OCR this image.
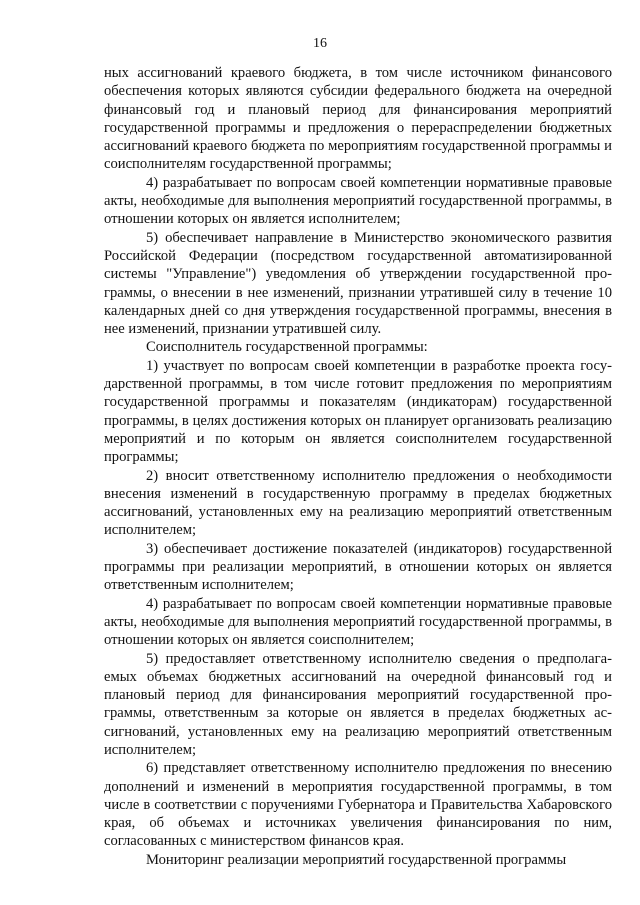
16

ных ассигнований краевого бюджета, в том числе источником финансового обеспечения которых являются субсидии федерального бюджета на очередной финансовый год и плановый период для финансирования мероприятий государственной программы и предложения о перераспределении бюджетных ассигнований краевого бюджета по мероприятиям государственной программы и соисполнителям государственной программы;

4) разрабатывает по вопросам своей компетенции нормативные правовые акты, необходимые для выполнения мероприятий государственной программы, в отношении которых он является исполнителем;

5) обеспечивает направление в Министерство экономического развития Российской Федерации (посредством государственной автоматизированной системы "Управление") уведомления об утверждении государственной программы, о внесении в нее изменений, признании утратившей силу в течение 10 календарных дней со дня утверждения государственной программы, внесения в нее изменений, признании утратившей силу.

Соисполнитель государственной программы:

1) участвует по вопросам своей компетенции в разработке проекта государственной программы, в том числе готовит предложения по мероприятиям государственной программы и показателям (индикаторам) государственной программы, в целях достижения которых он планирует организовать реализацию мероприятий и по которым он является соисполнителем государственной программы;

2) вносит ответственному исполнителю предложения о необходимости внесения изменений в государственную программу в пределах бюджетных ассигнований, установленных ему на реализацию мероприятий ответственным исполнителем;

3) обеспечивает достижение показателей (индикаторов) государственной программы при реализации мероприятий, в отношении которых он является ответственным исполнителем;

4) разрабатывает по вопросам своей компетенции нормативные правовые акты, необходимые для выполнения мероприятий государственной программы, в отношении которых он является соисполнителем;

5) предоставляет ответственному исполнителю сведения о предполагаемых объемах бюджетных ассигнований на очередной финансовый год и плановый период для финансирования мероприятий государственной программы, ответственным за которые он является в пределах бюджетных ассигнований, установленных ему на реализацию мероприятий ответственным исполнителем;

6) представляет ответственному исполнителю предложения по внесению дополнений и изменений в мероприятия государственной программы, в том числе в соответствии с поручениями Губернатора и Правительства Хабаровского края, об объемах и источниках увеличения финансирования по ним, согласованных с министерством финансов края.

Мониторинг реализации мероприятий государственной программы
